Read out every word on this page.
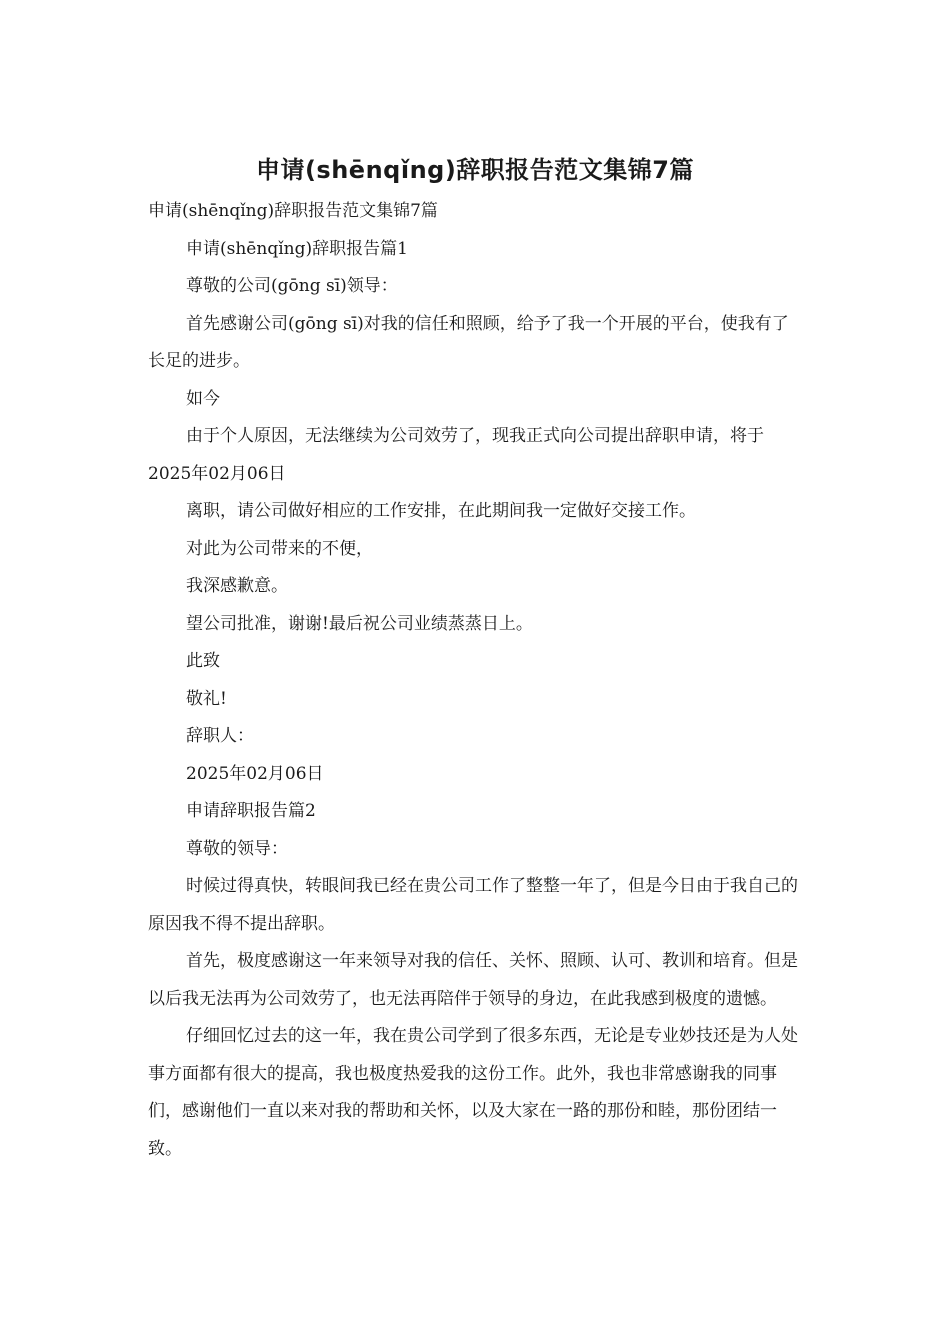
申请(shēnqǐng)辞职报告范文集锦7篇

申请(shēnqǐng)辞职报告范文集锦7篇

申请(shēnqǐng)辞职报告篇1

尊敬的公司(gōng sī)领导：

首先感谢公司(gōng sī)对我的信任和照顾，给予了我一个开展的平台，使我有了长足的进步。

如今

由于个人原因，无法继续为公司效劳了，现我正式向公司提出辞职申请，将于2025年02月06日

离职，请公司做好相应的工作安排，在此期间我一定做好交接工作。

对此为公司带来的不便，

我深感歉意。

望公司批准，谢谢!最后祝公司业绩蒸蒸日上。

此致

敬礼!

辞职人：

2025年02月06日

申请辞职报告篇2

尊敬的领导：

时候过得真快，转眼间我已经在贵公司工作了整整一年了，但是今日由于我自己的原因我不得不提出辞职。

首先，极度感谢这一年来领导对我的信任、关怀、照顾、认可、教训和培育。但是以后我无法再为公司效劳了，也无法再陪伴于领导的身边，在此我感到极度的遗憾。

仔细回忆过去的这一年，我在贵公司学到了很多东西，无论是专业妙技还是为人处事方面都有很大的提高，我也极度热爱我的这份工作。此外，我也非常感谢我的同事们，感谢他们一直以来对我的帮助和关怀，以及大家在一路的那份和睦，那份团结一致。
